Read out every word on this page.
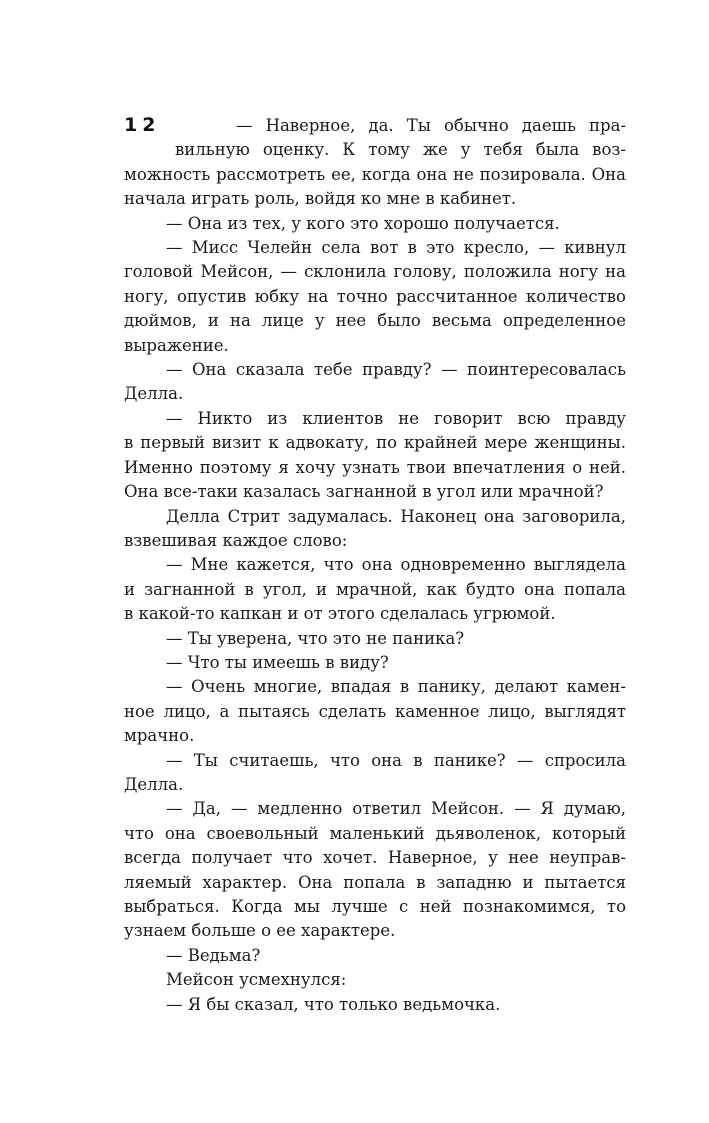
12	— Наверное, да. Ты обычно даешь пра-
вильную оценку. К тому же у тебя была воз-
можность рассмотреть ее, когда она не позировала. Она
начала играть роль, войдя ко мне в кабинет.
— Она из тех, у кого это хорошо получается.
— Мисс Челейн села вот в это кресло, — кивнул
головой Мейсон, — склонила голову, положила ногу на
ногу, опустив юбку на точно рассчитанное количество
дюймов, и на лице у нее было весьма определенное
выражение.
— Она сказала тебе правду? — поинтересовалась
Делла.
— Никто из клиентов не говорит всю правду
в первый визит к адвокату, по крайней мере женщины.
Именно поэтому я хочу узнать твои впечатления о ней.
Она все-таки казалась загнанной в угол или мрачной?
Делла Стрит задумалась. Наконец она заговорила,
взвешивая каждое слово:
— Мне кажется, что она одновременно выглядела
и загнанной в угол, и мрачной, как будто она попала
в какой-то капкан и от этого сделалась угрюмой.
— Ты уверена, что это не паника?
— Что ты имеешь в виду?
— Очень многие, впадая в панику, делают камен-
ное лицо, а пытаясь сделать каменное лицо, выглядят
мрачно.
— Ты считаешь, что она в панике? — спросила
Делла.
— Да, — медленно ответил Мейсон. — Я думаю,
что она своевольный маленький дьяволенок, который
всегда получает что хочет. Наверное, у нее неуправ-
ляемый характер. Она попала в западню и пытается
выбраться. Когда мы лучше с ней познакомимся, то
узнаем больше о ее характере.
— Ведьма?
Мейсон усмехнулся:
— Я бы сказал, что только ведьмочка.
